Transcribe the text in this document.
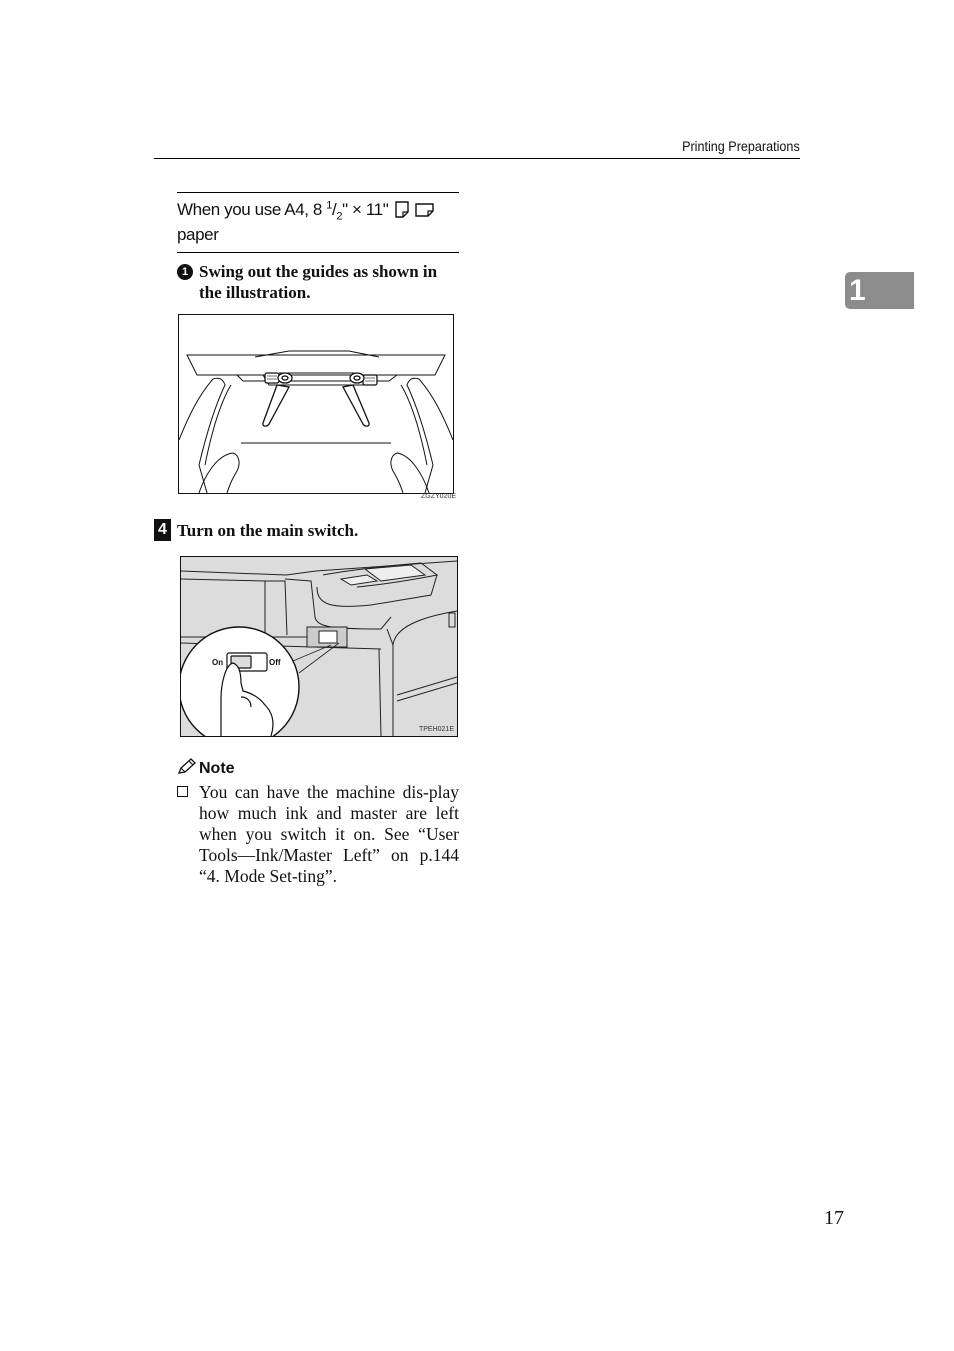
Printing Preparations
1
When you use A4, 8 $^1/_2$" × 11"
paper
1 Swing out the guides as shown in the illustration.
ZGZY020E
4 Turn on the main switch.
On	Off
TPEH021E
Note
You can have the machine dis-play how much ink and master are left when you switch it on. See “User Tools—Ink/Master Left” on p.144 “4. Mode Set-ting”.
17
